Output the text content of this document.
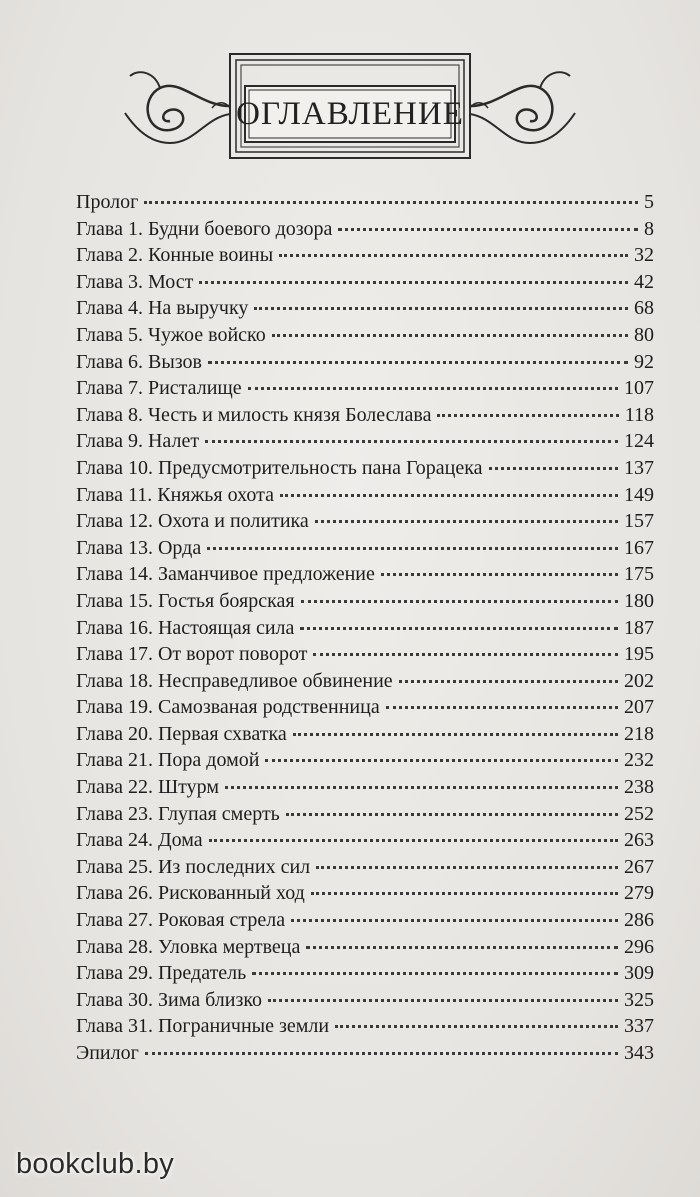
ОГЛАВЛЕНИЕ
Пролог	5
Глава 1. Будни боевого дозора	8
Глава 2. Конные воины	32
Глава 3. Мост	42
Глава 4. На выручку	68
Глава 5. Чужое войско	80
Глава 6. Вызов	92
Глава 7. Ристалище	107
Глава 8. Честь и милость князя Болеслава	118
Глава 9. Налет	124
Глава 10. Предусмотрительность пана Горацека	137
Глава 11. Княжья охота	149
Глава 12. Охота и политика	157
Глава 13. Орда	167
Глава 14. Заманчивое предложение	175
Глава 15. Гостья боярская	180
Глава 16. Настоящая сила	187
Глава 17. От ворот поворот	195
Глава 18. Несправедливое обвинение	202
Глава 19. Самозваная родственница	207
Глава 20. Первая схватка	218
Глава 21. Пора домой	232
Глава 22. Штурм	238
Глава 23. Глупая смерть	252
Глава 24. Дома	263
Глава 25. Из последних сил	267
Глава 26. Рискованный ход	279
Глава 27. Роковая стрела	286
Глава 28. Уловка мертвеца	296
Глава 29. Предатель	309
Глава 30. Зима близко	325
Глава 31. Пограничные земли	337
Эпилог	343
bookclub.by
